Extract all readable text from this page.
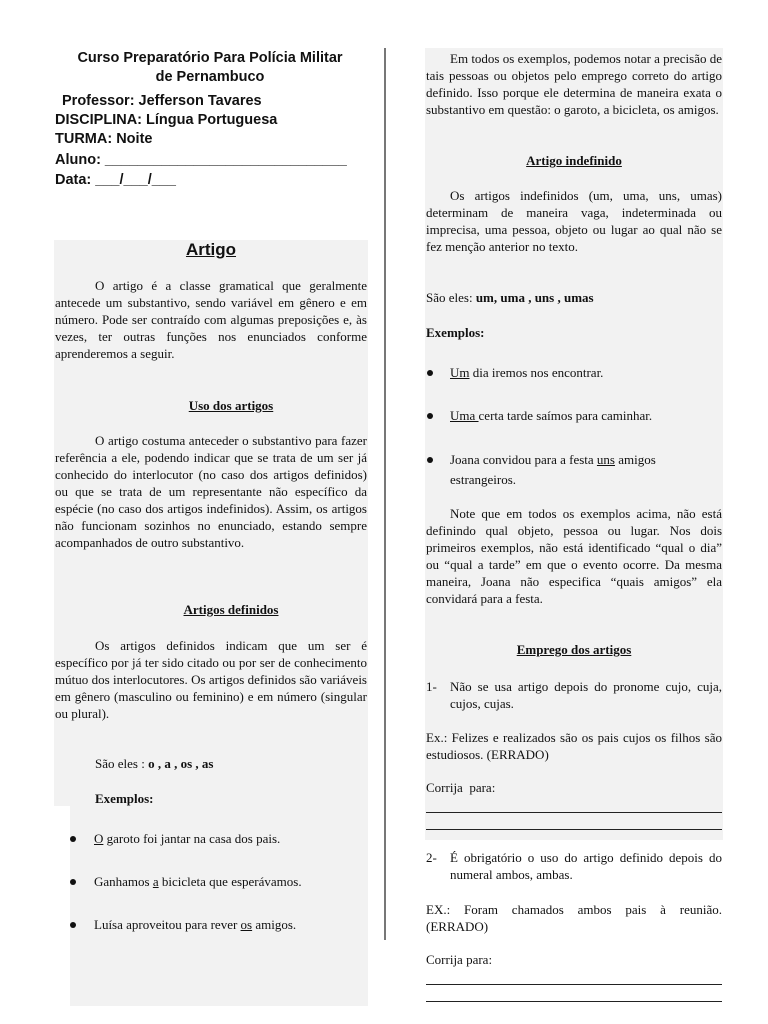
Curso Preparatório Para Polícia Militar
de Pernambuco
Professor: Jefferson Tavares
DISCIPLINA: Língua Portuguesa
TURMA: Noite
Aluno: ______________________________
Data: ___/___/___
Artigo
O artigo é a classe gramatical que geralmente antecede um substantivo, sendo variável em gênero e em número. Pode ser contraído com algumas preposições e, às vezes, ter outras funções nos enunciados conforme aprenderemos a seguir.
Uso dos artigos
O artigo costuma anteceder o substantivo para fazer referência a ele, podendo indicar que se trata de um ser já conhecido do interlocutor (no caso dos artigos definidos) ou que se trata de um representante não específico da espécie (no caso dos artigos indefinidos). Assim, os artigos não funcionam sozinhos no enunciado, estando sempre acompanhados de outro substantivo.
Artigos definidos
Os artigos definidos indicam que um ser é específico por já ter sido citado ou por ser de conhecimento mútuo dos interlocutores. Os artigos definidos são variáveis em gênero (masculino ou feminino) e em número (singular ou plural).
São eles : o , a , os , as
Exemplos:
O garoto foi jantar na casa dos pais.
Ganhamos a bicicleta que esperávamos.
Luísa aproveitou para rever os amigos.
Em todos os exemplos, podemos notar a precisão de tais pessoas ou objetos pelo emprego correto do artigo definido. Isso porque ele determina de maneira exata o substantivo em questão: o garoto, a bicicleta, os amigos.
Artigo indefinido
Os artigos indefinidos (um, uma, uns, umas) determinam de maneira vaga, indeterminada ou imprecisa, uma pessoa, objeto ou lugar ao qual não se fez menção anterior no texto.
São eles: um, uma , uns , umas
Exemplos:
Um dia iremos nos encontrar.
Uma certa tarde saímos para caminhar.
Joana convidou para a festa uns amigos
estrangeiros.
Note que em todos os exemplos acima, não está definindo qual objeto, pessoa ou lugar. Nos dois primeiros exemplos, não está identificado “qual o dia” ou “qual a tarde” em que o evento ocorre. Da mesma maneira, Joana não especifica “quais amigos” ela convidará para a festa.
Emprego dos artigos
1- Não se usa artigo depois do pronome cujo, cuja, cujos, cujas.
Ex.: Felizes e realizados são os pais cujos os filhos são estudiosos. (ERRADO)
Corrija  para:
2- É obrigatório o uso do artigo definido depois do numeral ambos, ambas.
EX.: Foram chamados ambos pais à reunião. (ERRADO)
Corrija para:
